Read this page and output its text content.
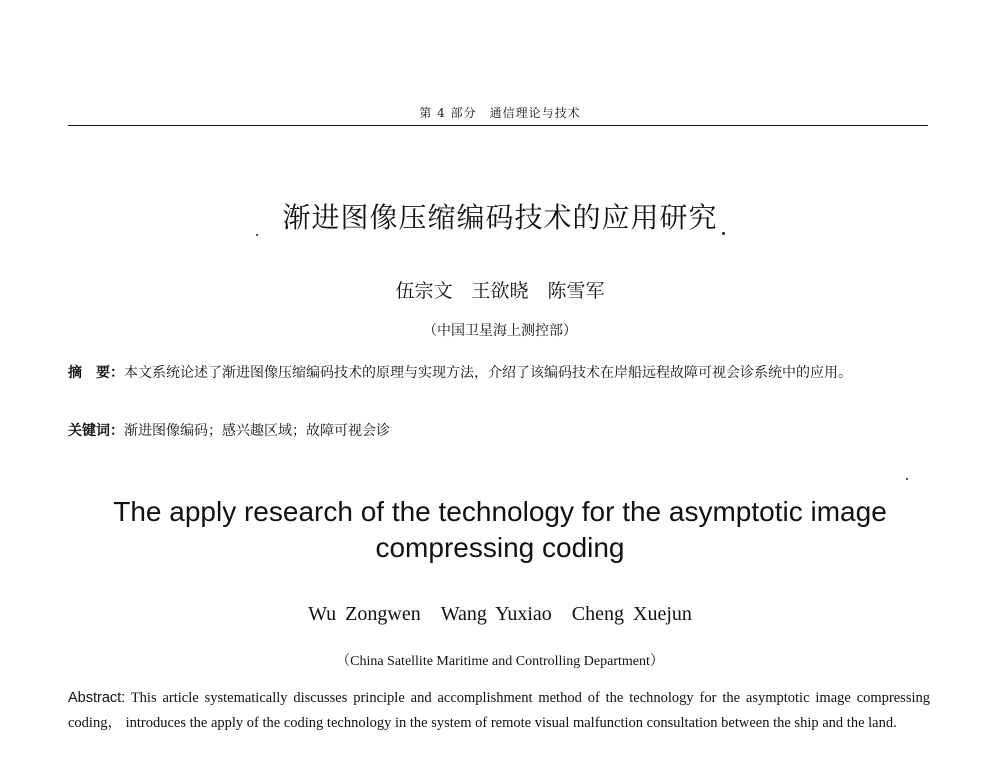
第 4 部分　通信理论与技术
渐进图像压缩编码技术的应用研究
伍宗文　王欲晓　陈雪军
（中国卫星海上测控部）
摘　要：本文系统论述了渐进图像压缩编码技术的原理与实现方法，介绍了该编码技术在岸船远程故障可视会诊系统中的应用。
关键词：渐进图像编码；感兴趣区域；故障可视会诊
The apply research of the technology for the asymptotic image
compressing coding
Wu Zongwen Wang Yuxiao Cheng Xuejun
（China Satellite Maritime and Controlling Department）
Abstract: This article systematically discusses principle and accomplishment method of the technology for the asymptotic image compressing coding， introduces the apply of the coding technology in the system of remote visual malfunction consultation between the ship and the land.
